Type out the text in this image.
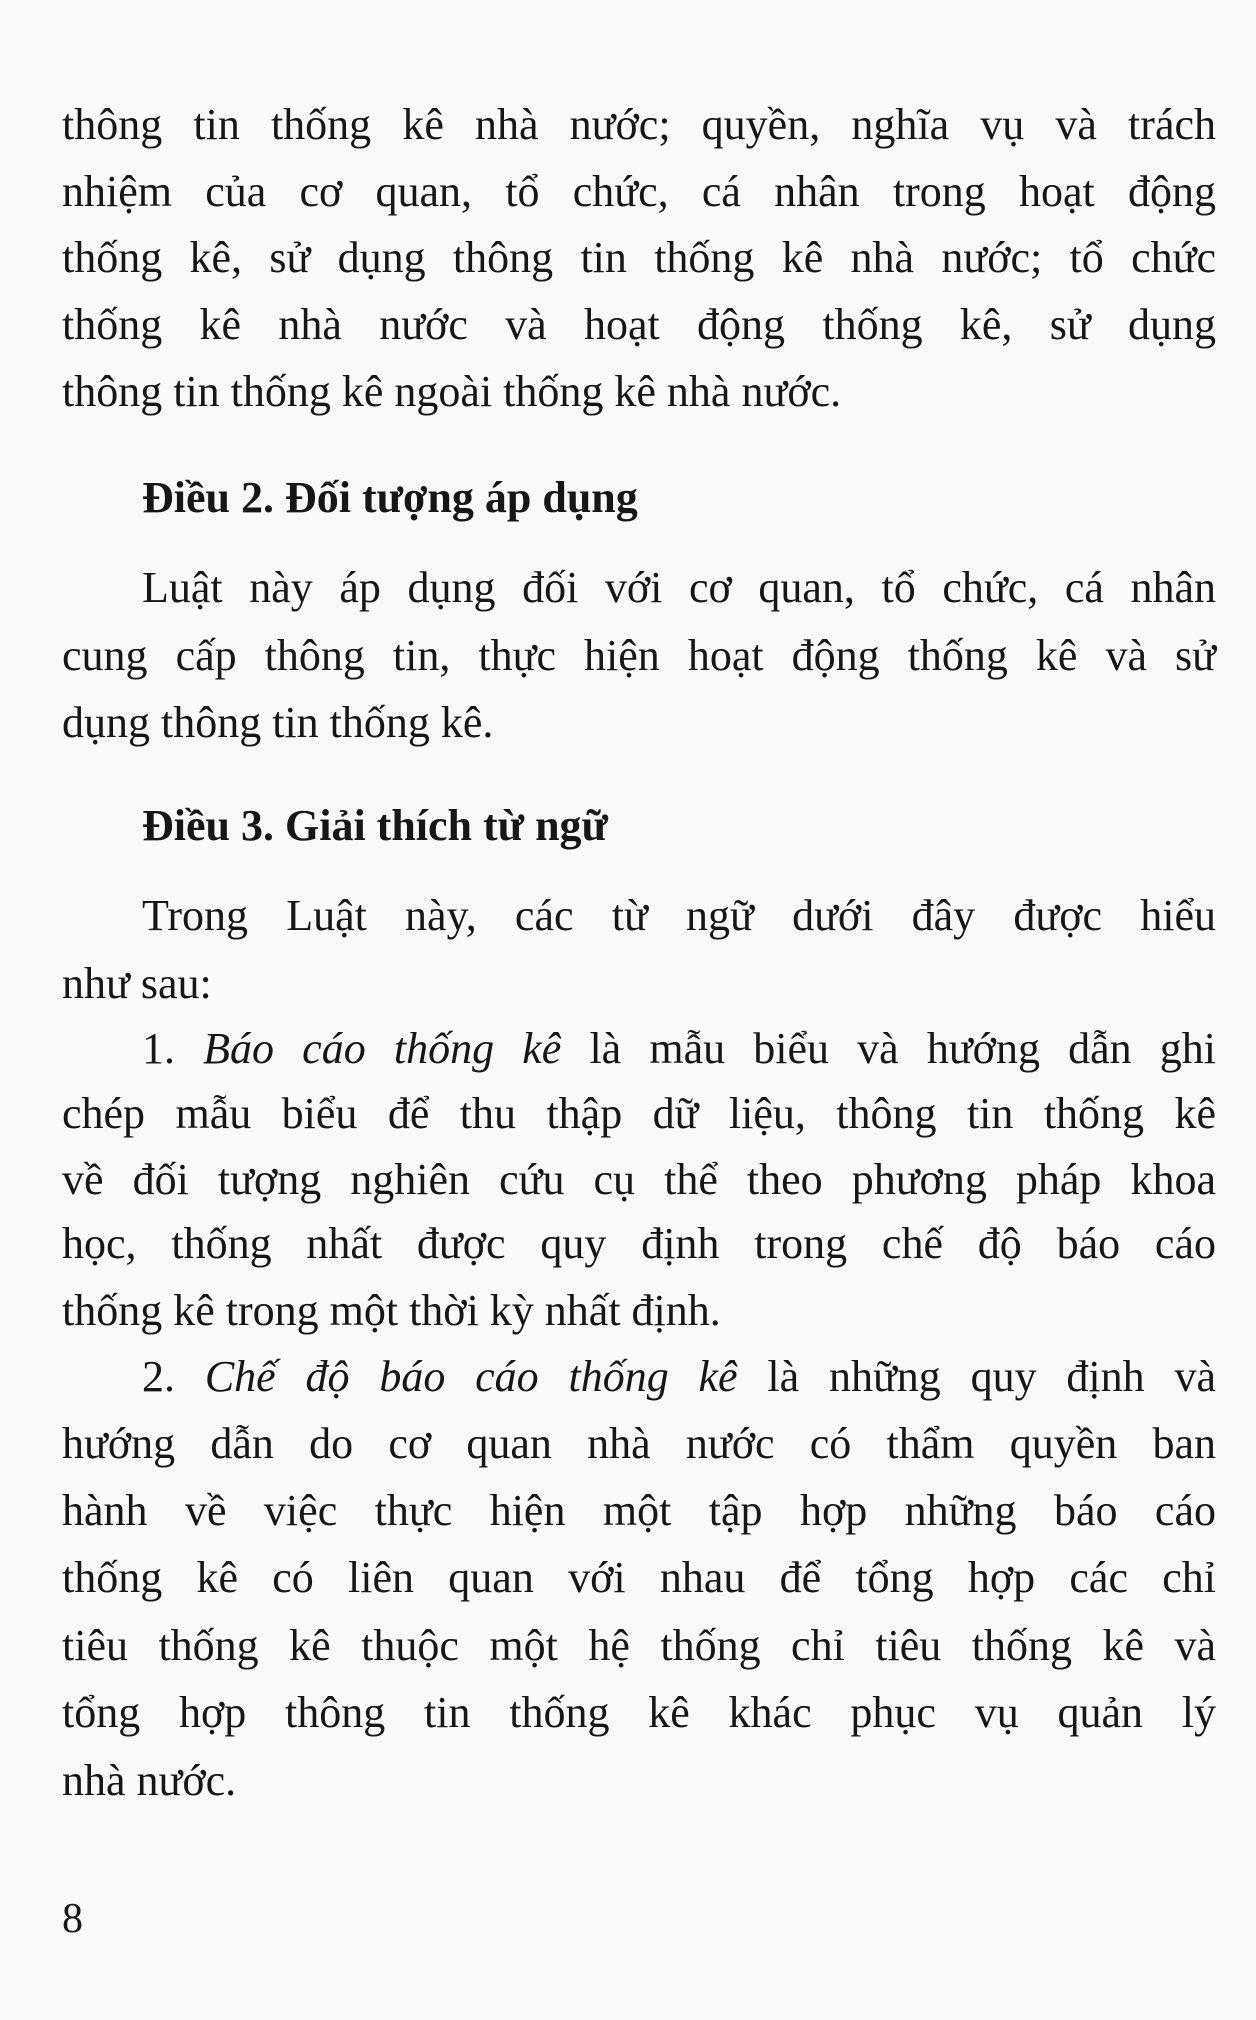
thông tin thống kê nhà nước; quyền, nghĩa vụ và trách
nhiệm của cơ quan, tổ chức, cá nhân trong hoạt động
thống kê, sử dụng thông tin thống kê nhà nước; tổ chức
thống kê nhà nước và hoạt động thống kê, sử dụng
thông tin thống kê ngoài thống kê nhà nước.
Điều 2. Đối tượng áp dụng
Luật này áp dụng đối với cơ quan, tổ chức, cá nhân
cung cấp thông tin, thực hiện hoạt động thống kê và sử
dụng thông tin thống kê.
Điều 3. Giải thích từ ngữ
Trong Luật này, các từ ngữ dưới đây được hiểu
như sau:
1. Báo cáo thống kê là mẫu biểu và hướng dẫn ghi
chép mẫu biểu để thu thập dữ liệu, thông tin thống kê
về đối tượng nghiên cứu cụ thể theo phương pháp khoa
học, thống nhất được quy định trong chế độ báo cáo
thống kê trong một thời kỳ nhất định.
2. Chế độ báo cáo thống kê là những quy định và
hướng dẫn do cơ quan nhà nước có thẩm quyền ban
hành về việc thực hiện một tập hợp những báo cáo
thống kê có liên quan với nhau để tổng hợp các chỉ
tiêu thống kê thuộc một hệ thống chỉ tiêu thống kê và
tổng hợp thông tin thống kê khác phục vụ quản lý
nhà nước.
8
